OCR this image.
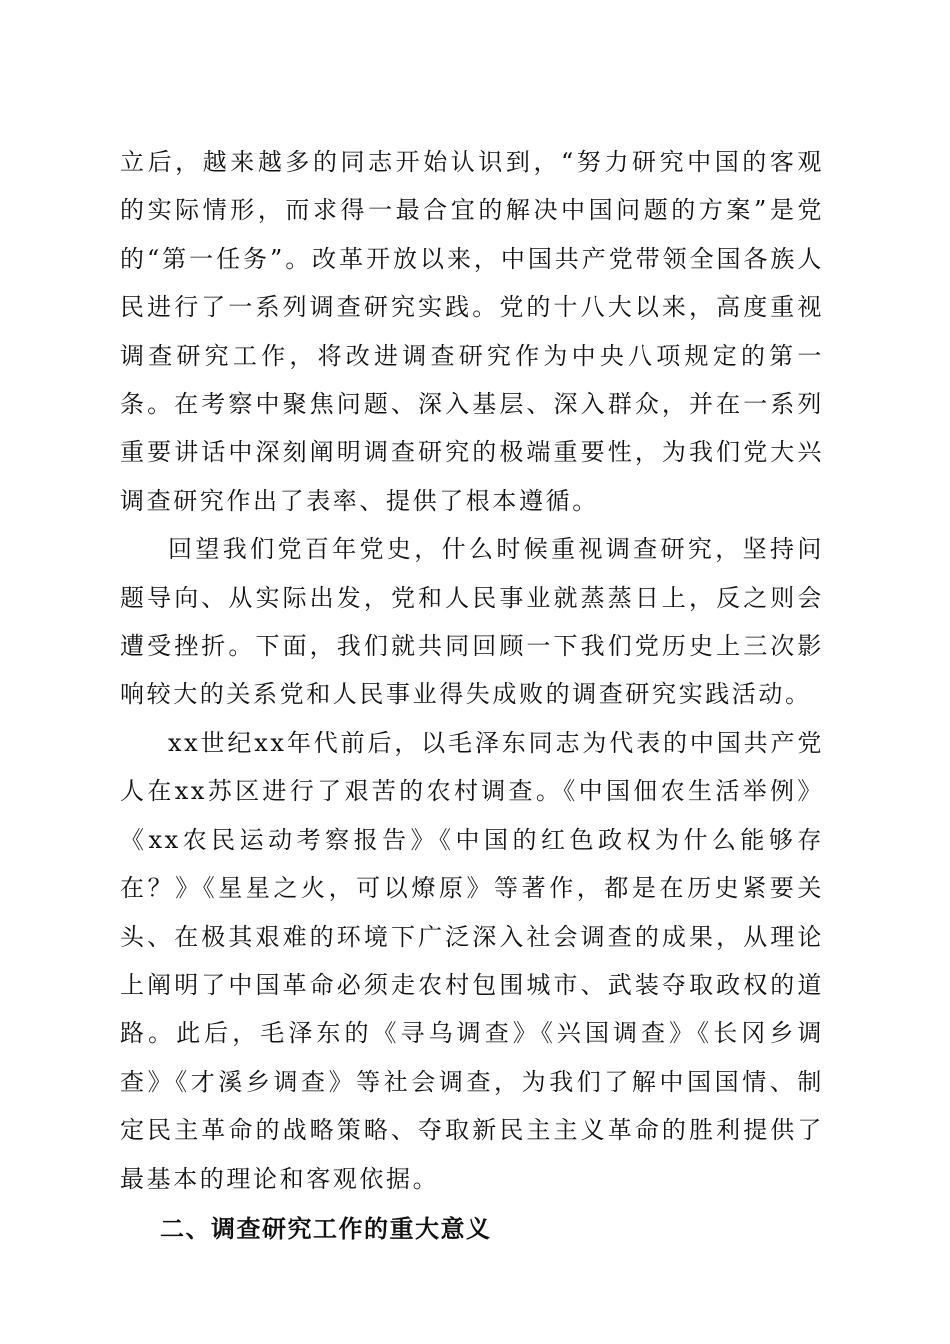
立后，越来越多的同志开始认识到，“努力研究中国的客观的实际情形，而求得一最合宜的解决中国问题的方案”是党的“第一任务”。改革开放以来，中国共产党带领全国各族人民进行了一系列调查研究实践。党的十八大以来，高度重视调查研究工作，将改进调查研究作为中央八项规定的第一条。在考察中聚焦问题、深入基层、深入群众，并在一系列重要讲话中深刻阐明调查研究的极端重要性，为我们党大兴调查研究作出了表率、提供了根本遵循。

回望我们党百年党史，什么时候重视调查研究，坚持问题导向、从实际出发，党和人民事业就蒸蒸日上，反之则会遭受挫折。下面，我们就共同回顾一下我们党历史上三次影响较大的关系党和人民事业得失成败的调查研究实践活动。

xx世纪xx年代前后，以毛泽东同志为代表的中国共产党人在xx苏区进行了艰苦的农村调查。《中国佃农生活举例》《xx农民运动考察报告》《中国的红色政权为什么能够存在？》《星星之火，可以燎原》等著作，都是在历史紧要关头、在极其艰难的环境下广泛深入社会调查的成果，从理论上阐明了中国革命必须走农村包围城市、武装夺取政权的道路。此后，毛泽东的《寻乌调查》《兴国调查》《长冈乡调查》《才溪乡调查》等社会调查，为我们了解中国国情、制定民主革命的战略策略、夺取新民主主义革命的胜利提供了最基本的理论和客观依据。

二、调查研究工作的重大意义
